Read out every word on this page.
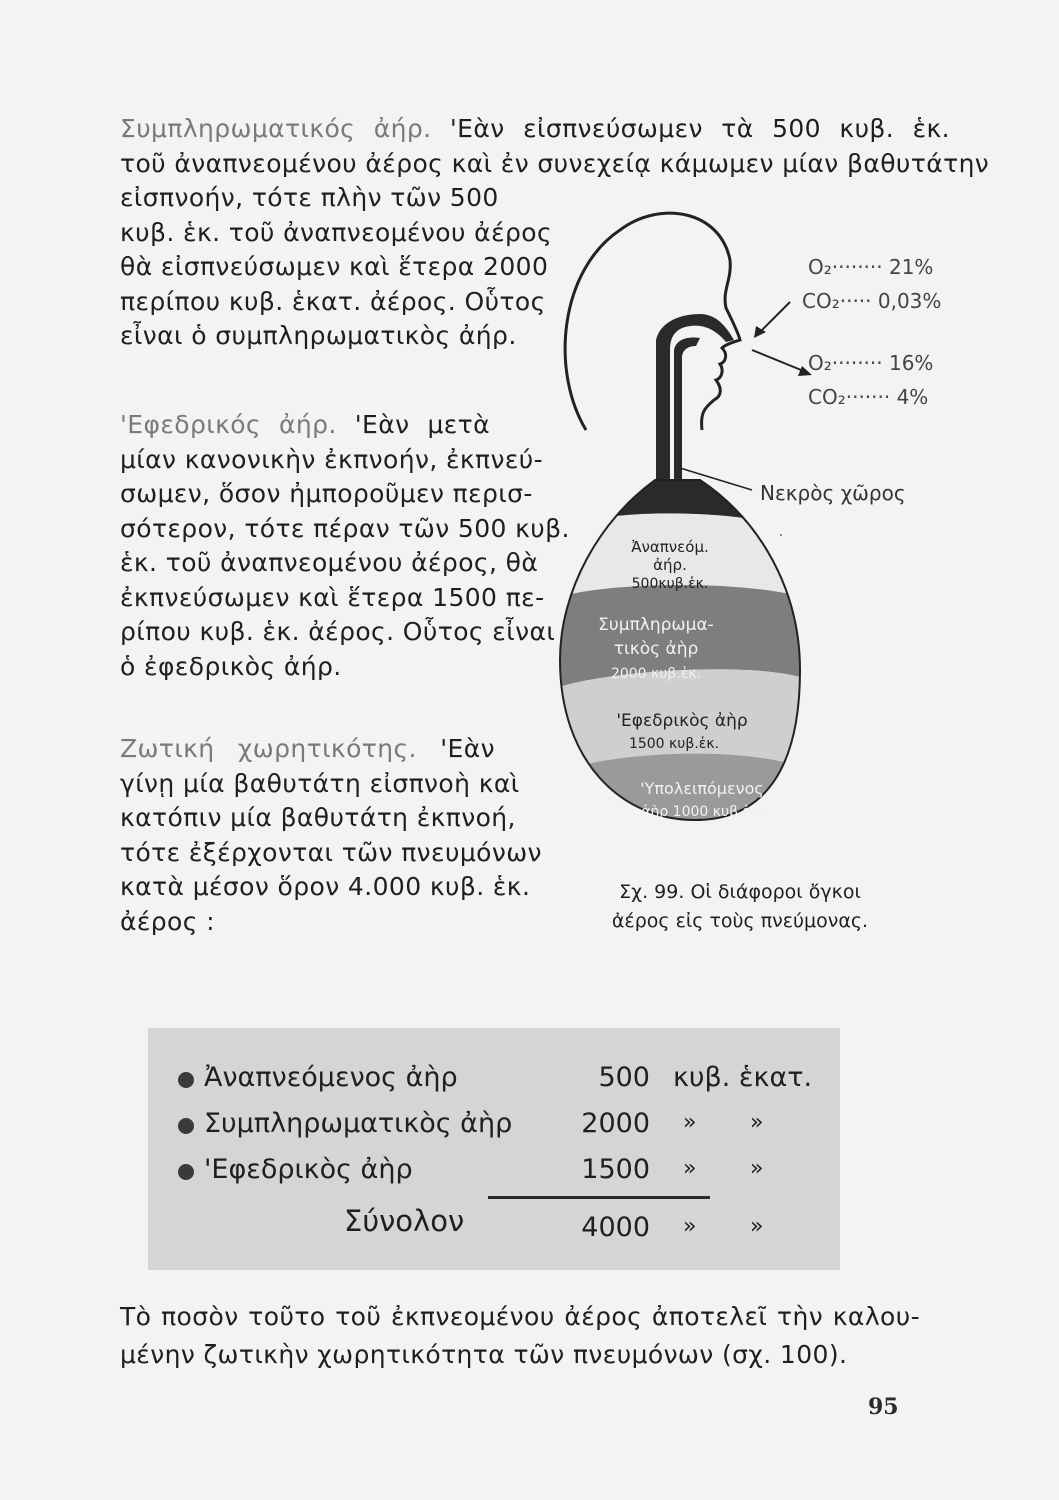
Συμπληρωματικός ἀήρ. 'Εὰν εἰσπνεύσωμεν τὰ 500 κυβ. ἑκ.
τοῦ ἀναπνεομένου ἀέρος καὶ ἐν συνεχείᾳ κάμωμεν μίαν βαθυτάτην
εἰσπνοήν, τότε πλὴν τῶν 500
κυβ. ἑκ. τοῦ ἀναπνεομένου ἀέρος
θὰ εἰσπνεύσωμεν καὶ ἕτερα 2000
περίπου κυβ. ἑκατ. ἀέρος. Οὗτος
εἶναι ὁ συμπληρωματικὸς ἀήρ.
'Εφεδρικός ἀήρ. 'Εὰν μετὰ
μίαν κανονικὴν ἐκπνοήν, ἐκπνεύ-
σωμεν, ὅσον ἠμποροῦμεν περισ-
σότερον, τότε πέραν τῶν 500 κυβ.
ἑκ. τοῦ ἀναπνεομένου ἀέρος, θὰ
ἐκπνεύσωμεν καὶ ἕτερα 1500 πε-
ρίπου κυβ. ἑκ. ἀέρος. Οὗτος εἶναι
ὁ ἐφεδρικὸς ἀήρ.
Ζωτική χωρητικότης. 'Εὰν
γίνῃ μία βαθυτάτη εἰσπνοὴ καὶ
κατόπιν μία βαθυτάτη ἐκπνοή,
τότε ἐξέρχονται τῶν πνευμόνων
κατὰ μέσον ὅρον 4.000 κυβ. ἑκ.
ἀέρος :
O₂········ 21%
CO₂····· 0,03%
O₂········ 16%
CO₂······· 4%
Νεκρὸς χῶρος
Ἀναπνεόμ.
ἀήρ.
500κυβ.ἑκ.
Συμπληρωμα-
τικὸς ἀὴρ
2000 κυβ.ἑκ.
'Εφεδρικὸς ἀὴρ
1500 κυβ.ἑκ.
'Υπολειπόμενος
ἀὴρ 1000 κυβ.ἑκ.
Σχ. 99. Οἱ διάφοροι ὄγκοι
ἀέρος εἰς τοὺς πνεύμονας.
Ἀναπνεόμενος ἀὴρ	500 κυβ. ἑκατ.
Συμπληρωματικὸς ἀὴρ	2000 » »
'Εφεδρικὸς ἀὴρ	1500 » »
Σύνολον	4000 » »
Τὸ ποσὸν τοῦτο τοῦ ἐκπνεομένου ἀέρος ἀποτελεῖ τὴν καλου-
μένην ζωτικὴν χωρητικότητα τῶν πνευμόνων (σχ. 100).
95
